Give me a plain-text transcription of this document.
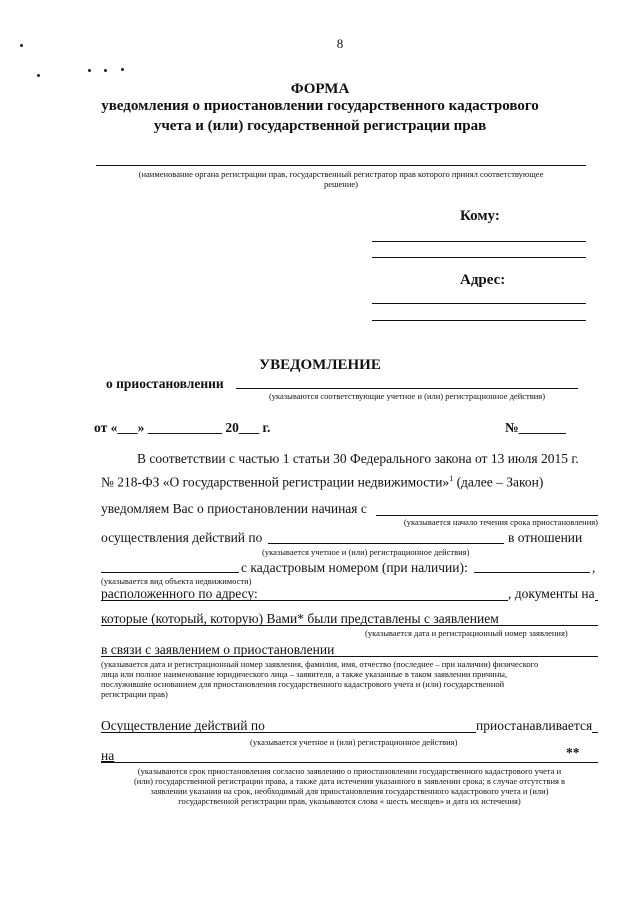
8
ФОРМА
уведомления о приостановлении государственного кадастрового
учета и (или) государственной регистрации прав
(наименование органа регистрации прав, государственный регистратор прав которого принял соответствующее
решение)
Кому:
Адрес:
УВЕДОМЛЕНИЕ
о приостановлении
(указываются соответствующие учетное и (или) регистрационное действия)
от «___» ___________ 20___ г.	№_______
В соответствии с частью 1 статьи 30 Федерального закона от 13 июля 2015 г.
№ 218-ФЗ «О государственной регистрации недвижимости»$^1$ (далее – Закон)
уведомляем Вас о приостановлении начиная с
(указывается начало течения срока приостановления)
осуществления действий по	в отношении
(указывается учетное и (или) регистрационное действия)
с кадастровым номером (при наличии):	,
(указывается вид объекта недвижимости)
расположенного по адресу:	, документы на
которые (который, которую) Вами* были представлены с заявлением
(указывается дата и регистрационный номер заявления)
в связи с заявлением о приостановлении
(указывается дата и регистрационный номер заявления, фамилия, имя, отчество (последнее – при наличии) физического
лица или полное наименование юридического лица – заявителя, а также указанные в таком заявлении причины,
послужившие основанием для приостановления государственного кадастрового учета и (или) государственной
регистрации прав)
Осуществление действий по	приостанавливается
(указывается учетное и (или) регистрационное действия)
на	**
(указываются срок приостановления согласно заявлению о приостановлении государственного кадастрового учета и
(или) государственной регистрации права, а также дата истечения указанного в заявлении срока; в случае отсутствия в
заявлении указания на срок, необходимый для приостановления государственного кадастрового учета и (или)
государственной регистрации прав, указываются слова « шесть месяцев» и дата их истечения)
